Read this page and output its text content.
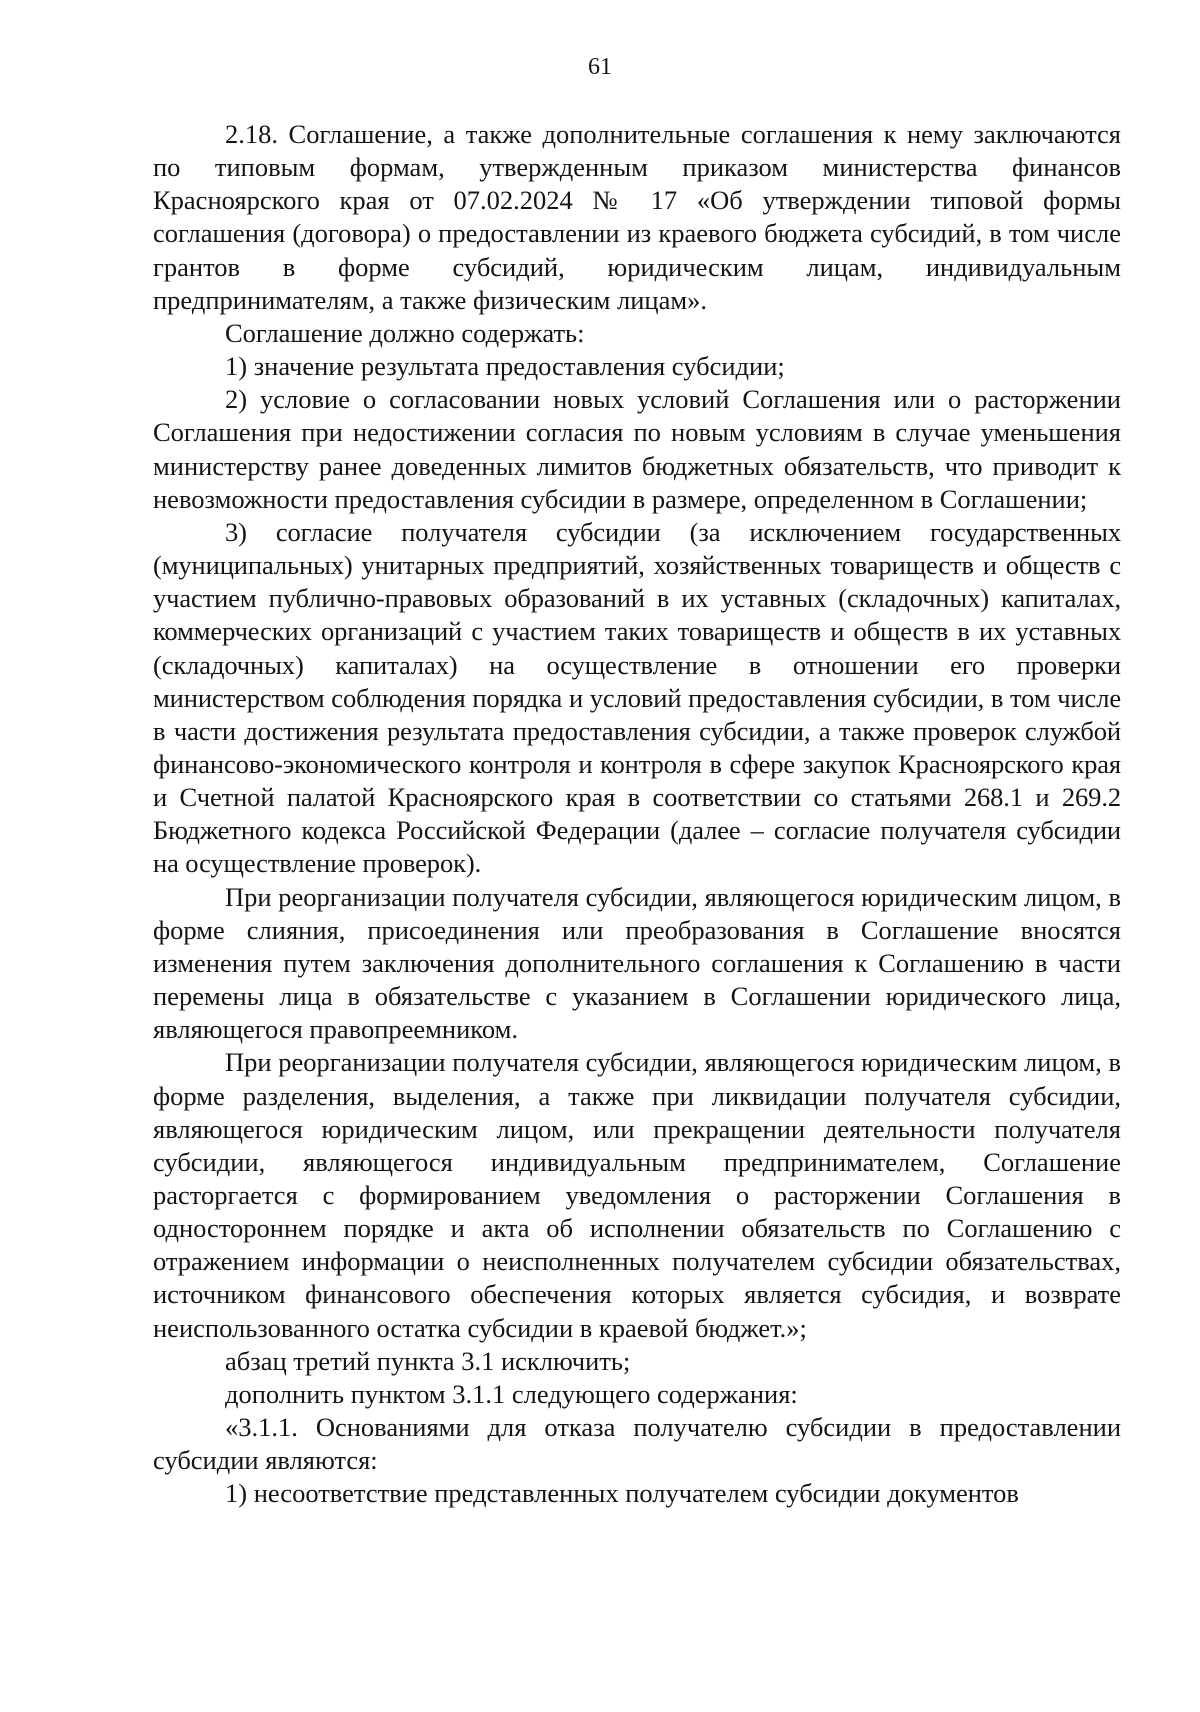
61

2.18. Соглашение, а также дополнительные соглашения к нему заключаются по типовым формам, утвержденным приказом министерства финансов Красноярского края от 07.02.2024 № 17 «Об утверждении типовой формы соглашения (договора) о предоставлении из краевого бюджета субсидий, в том числе грантов в форме субсидий, юридическим лицам, индивидуальным предпринимателям, а также физическим лицам».

Соглашение должно содержать:

1) значение результата предоставления субсидии;

2) условие о согласовании новых условий Соглашения или о расторжении Соглашения при недостижении согласия по новым условиям в случае уменьшения министерству ранее доведенных лимитов бюджетных обязательств, что приводит к невозможности предоставления субсидии в размере, определенном в Соглашении;

3) согласие получателя субсидии (за исключением государственных (муниципальных) унитарных предприятий, хозяйственных товариществ и обществ с участием публично-правовых образований в их уставных (складочных) капиталах, коммерческих организаций с участием таких товариществ и обществ в их уставных (складочных) капиталах) на осуществление в отношении его проверки министерством соблюдения порядка и условий предоставления субсидии, в том числе в части достижения результата предоставления субсидии, а также проверок службой финансово-экономического контроля и контроля в сфере закупок Красноярского края и Счетной палатой Красноярского края в соответствии со статьями 268.1 и 269.2 Бюджетного кодекса Российской Федерации (далее – согласие получателя субсидии на осуществление проверок).

При реорганизации получателя субсидии, являющегося юридическим лицом, в форме слияния, присоединения или преобразования в Соглашение вносятся изменения путем заключения дополнительного соглашения к Соглашению в части перемены лица в обязательстве с указанием в Соглашении юридического лица, являющегося правопреемником.

При реорганизации получателя субсидии, являющегося юридическим лицом, в форме разделения, выделения, а также при ликвидации получателя субсидии, являющегося юридическим лицом, или прекращении деятельности получателя субсидии, являющегося индивидуальным предпринимателем, Соглашение расторгается с формированием уведомления о расторжении Соглашения в одностороннем порядке и акта об исполнении обязательств по Соглашению с отражением информации о неисполненных получателем субсидии обязательствах, источником финансового обеспечения которых является субсидия, и возврате неиспользованного остатка субсидии в краевой бюджет.»;

абзац третий пункта 3.1 исключить;

дополнить пунктом 3.1.1 следующего содержания:

«3.1.1. Основаниями для отказа получателю субсидии в предоставлении субсидии являются:

1) несоответствие представленных получателем субсидии документов
